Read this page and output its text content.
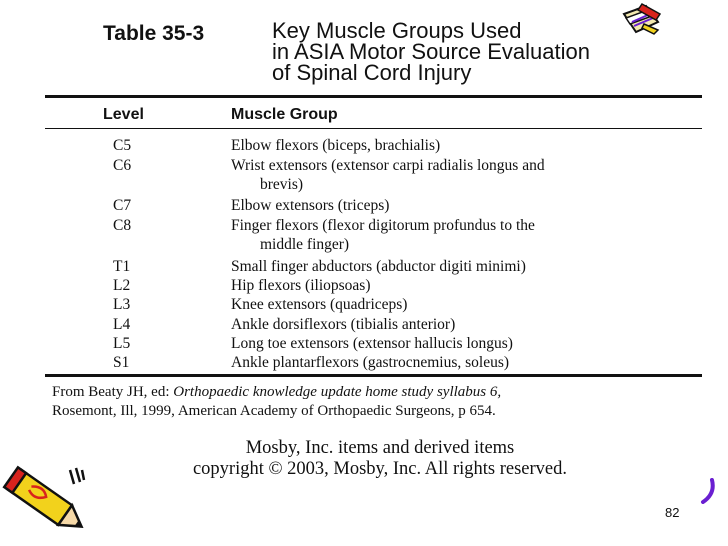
Table 35-3	Key Muscle Groups Used
in ASIA Motor Source Evaluation
of Spinal Cord Injury
Level	Muscle Group
C5	Elbow flexors (biceps, brachialis)
C6	Wrist extensors (extensor carpi radialis longus and
brevis)
C7	Elbow extensors (triceps)
C8	Finger flexors (flexor digitorum profundus to the
middle finger)
T1	Small finger abductors (abductor digiti minimi)
L2	Hip flexors (iliopsoas)
L3	Knee extensors (quadriceps)
L4	Ankle dorsiflexors (tibialis anterior)
L5	Long toe extensors (extensor hallucis longus)
S1	Ankle plantarflexors (gastrocnemius, soleus)
From Beaty JH, ed: Orthopaedic knowledge update home study syllabus 6,
Rosemont, Ill, 1999, American Academy of Orthopaedic Surgeons, p 654.
Mosby, Inc. items and derived items
copyright © 2003, Mosby, Inc. All rights reserved.
82
